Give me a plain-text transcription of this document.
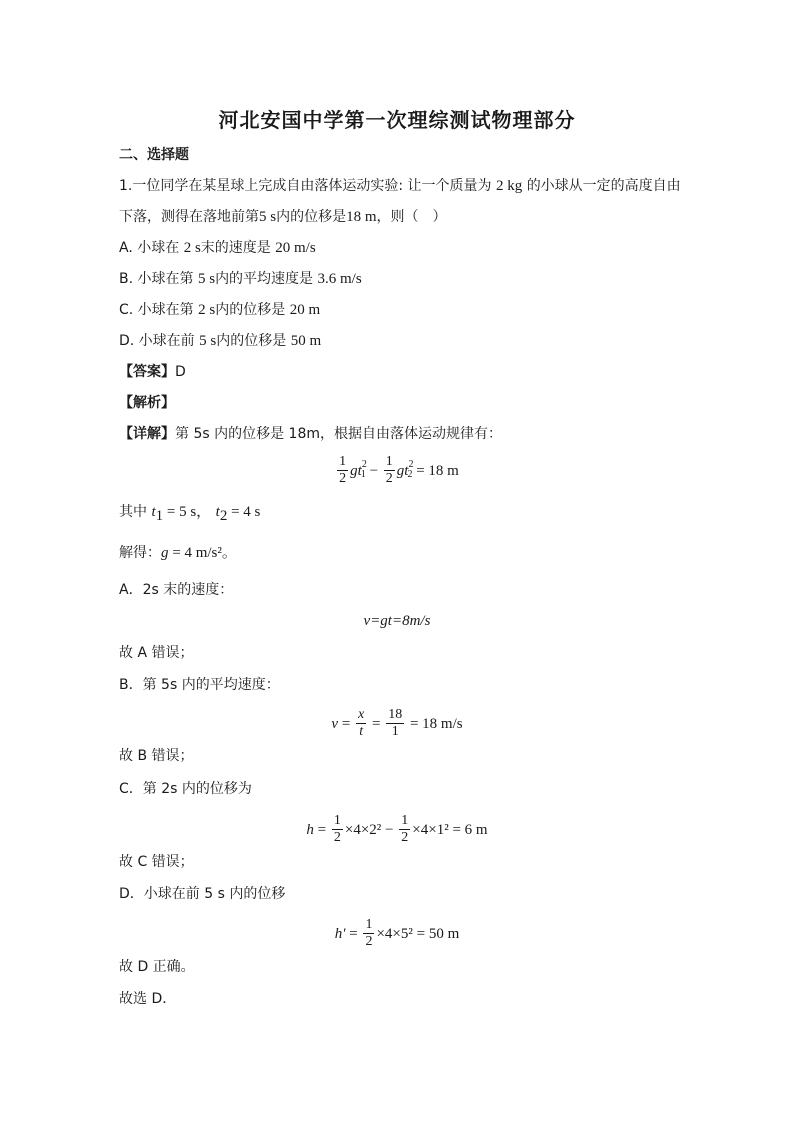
河北安国中学第一次理综测试物理部分
二、选择题
1.一位同学在某星球上完成自由落体运动实验: 让一个质量为 2 kg 的小球从一定的高度自由
下落，测得在落地前第5 s内的位移是18 m，则（　）
A. 小球在 2 s末的速度是 20 m/s
B. 小球在第 5 s内的平均速度是 3.6 m/s
C. 小球在第 2 s内的位移是 20 m
D. 小球在前 5 s内的位移是 50 m
【答案】D
【解析】
【详解】第 5s 内的位移是 18m，根据自由落体运动规律有：
$\frac{1}{2} gt^2_1 - \frac{1}{2} gt^2_2 = 18$ m
其中 $t_1 = 5$ s， $t_2 = 4$ s
解得：g = 4 m/s²。
A．2s 末的速度：
v=gt=8m/s
故 A 错误；
B．第 5s 内的平均速度：
$v = \frac{x}{t} = \frac{18}{1} = 18$ m/s
故 B 错误；
C．第 2s 内的位移为
$h = \frac{1}{2} \times 4\times 2^2 - \frac{1}{2} \times 4\times 1^2 = 6$ m
故 C 错误；
D．小球在前 5 s 内的位移
$h' = \frac{1}{2} \times 4\times 5^2 = 50$ m
故 D 正确。
故选 D．
